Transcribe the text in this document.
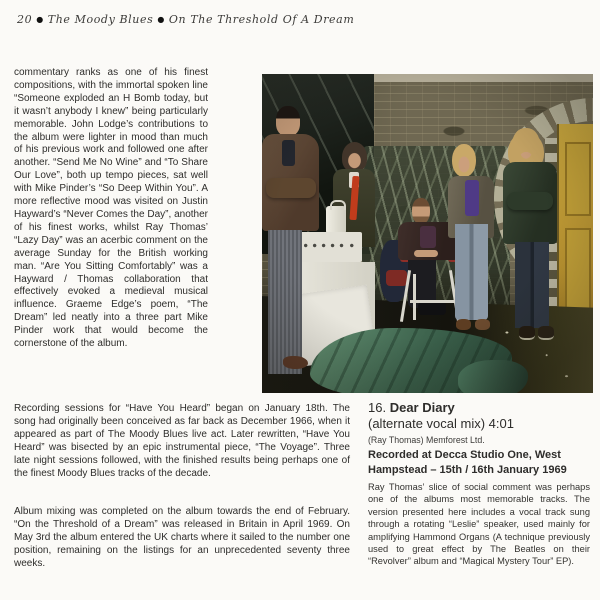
20 ● The Moody Blues ● On The Threshold Of A Dream
commentary ranks as one of his finest compositions, with the immortal spoken line “Someone exploded an H Bomb today, but it wasn’t anybody I knew” being particularly memorable. John Lodge’s contributions to the album were lighter in mood than much of his previous work and followed one after another. “Send Me No Wine” and “To Share Our Love”, both up tempo pieces, sat well with Mike Pinder’s “So Deep Within You”. A more reflective mood was visited on Justin Hayward’s “Never Comes the Day”, another of his finest works, whilst Ray Thomas’ “Lazy Day” was an acerbic comment on the average Sunday for the British working man. “Are You Sitting Comfortably” was a Hayward / Thomas collaboration that effectively evoked a medieval musical influence. Graeme Edge’s poem, “The Dream” led neatly into a three part Mike Pinder work that would become the cornerstone of the album.
Recording sessions for “Have You Heard” began on January 18th. The song had originally been conceived as far back as December 1966, when it appeared as part of The Moody Blues live act. Later rewritten, “Have You Heard” was bisected by an epic instrumental piece, “The Voyage”. Three late night sessions followed, with the finished results being perhaps one of the finest Moody Blues tracks of the decade.
Album mixing was completed on the album towards the end of February. “On the Threshold of a Dream” was released in Britain in April 1969. On May 3rd the album entered the UK charts where it sailed to the number one position, remaining on the listings for an unprecedented seventy three weeks.
16. Dear Diary
(alternate vocal mix) 4:01
(Ray Thomas) Memforest Ltd.
Recorded at Decca Studio One, West Hampstead – 15th / 16th January 1969
Ray Thomas’ slice of social comment was perhaps one of the albums most memorable tracks. The version presented here includes a vocal track sung through a rotating “Leslie” speaker, used mainly for amplifying Hammond Organs (A technique previously used to great effect by The Beatles on their “Revolver” album and “Magical Mystery Tour” EP).
